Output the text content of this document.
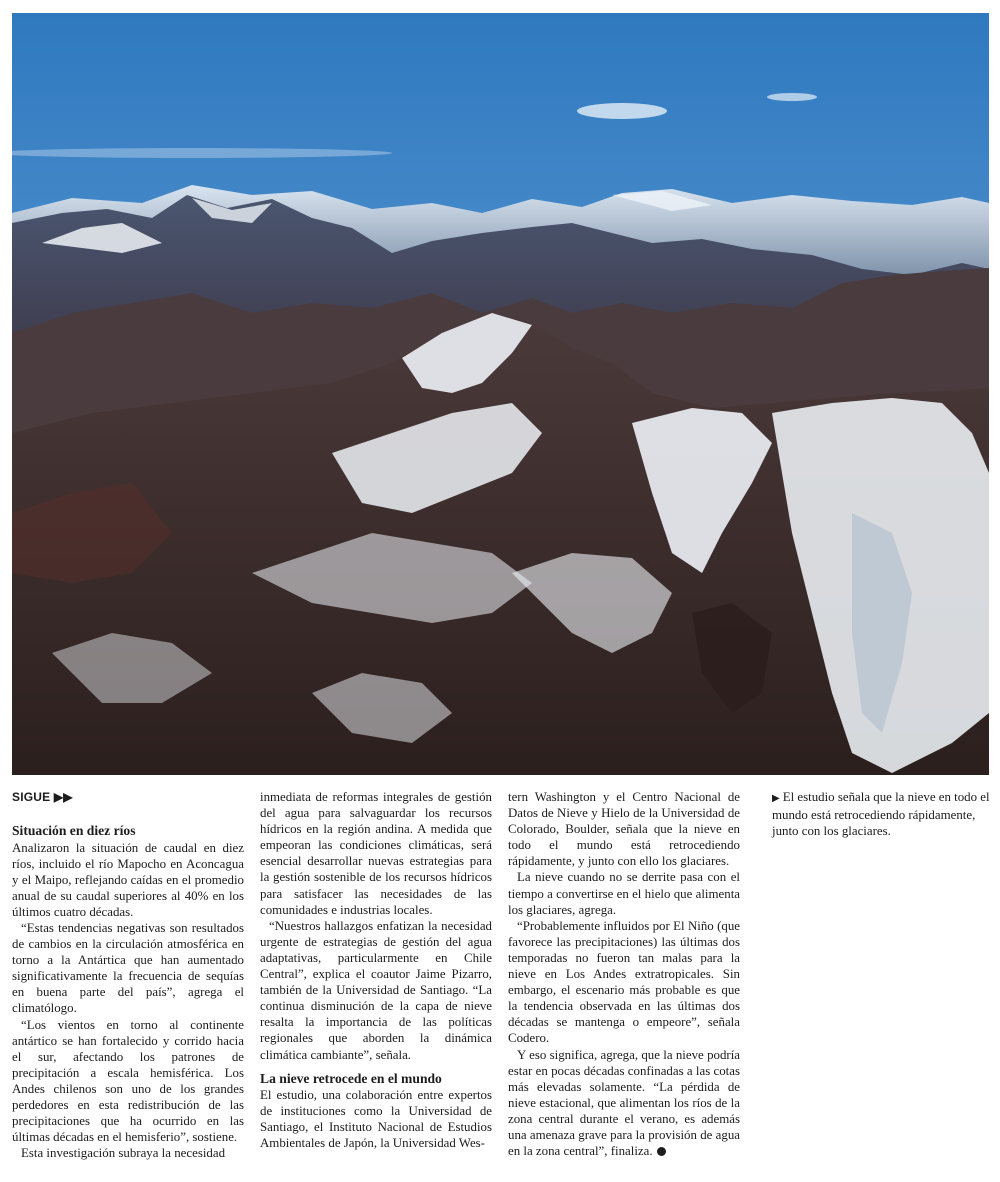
SIGUE ▶▶
Situación en diez ríos

Analizaron la situación de caudal en diez ríos, incluido el río Mapocho en Aconcagua y el Maipo, reflejando caídas en el promedio anual de su caudal superiores al 40% en los últimos cuatro décadas.

“Estas tendencias negativas son resultados de cambios en la circulación atmosférica en torno a la Antártica que han aumentado significativamente la frecuencia de sequías en buena parte del país”, agrega el climatólogo.

“Los vientos en torno al continente antártico se han fortalecido y corrido hacia el sur, afectando los patrones de precipitación a escala hemisférica. Los Andes chilenos son uno de los grandes perdedores en esta redistribución de las precipitaciones que ha ocurrido en las últimas décadas en el hemisferio”, sostiene.

Esta investigación subraya la necesidad

inmediata de reformas integrales de gestión del agua para salvaguardar los recursos hídricos en la región andina. A medida que empeoran las condiciones climáticas, será esencial desarrollar nuevas estrategias para la gestión sostenible de los recursos hídricos para satisfacer las necesidades de las comunidades e industrias locales.

“Nuestros hallazgos enfatizan la necesidad urgente de estrategias de gestión del agua adaptativas, particularmente en Chile Central”, explica el coautor Jaime Pizarro, también de la Universidad de Santiago. “La continua disminución de la capa de nieve resalta la importancia de las políticas regionales que aborden la dinámica climática cambiante”, señala.

La nieve retrocede en el mundo

El estudio, una colaboración entre expertos de instituciones como la Universidad de Santiago, el Instituto Nacional de Estudios Ambientales de Japón, la Universidad Wes-

tern Washington y el Centro Nacional de Datos de Nieve y Hielo de la Universidad de Colorado, Boulder, señala que la nieve en todo el mundo está retrocediendo rápidamente, y junto con ello los glaciares.

La nieve cuando no se derrite pasa con el tiempo a convertirse en el hielo que alimenta los glaciares, agrega.

“Probablemente influidos por El Niño (que favorece las precipitaciones) las últimas dos temporadas no fueron tan malas para la nieve en Los Andes extratropicales. Sin embargo, el escenario más probable es que la tendencia observada en las últimas dos décadas se mantenga o empeore”, señala Codero.

Y eso significa, agrega, que la nieve podría estar en pocas décadas confinadas a las cotas más elevadas solamente. “La pérdida de nieve estacional, que alimentan los ríos de la zona central durante el verano, es además una amenaza grave para la provisión de agua en la zona central”, finaliza.

▶ El estudio señala que la nieve en todo el mundo está retrocediendo rápidamente, junto con los glaciares.
